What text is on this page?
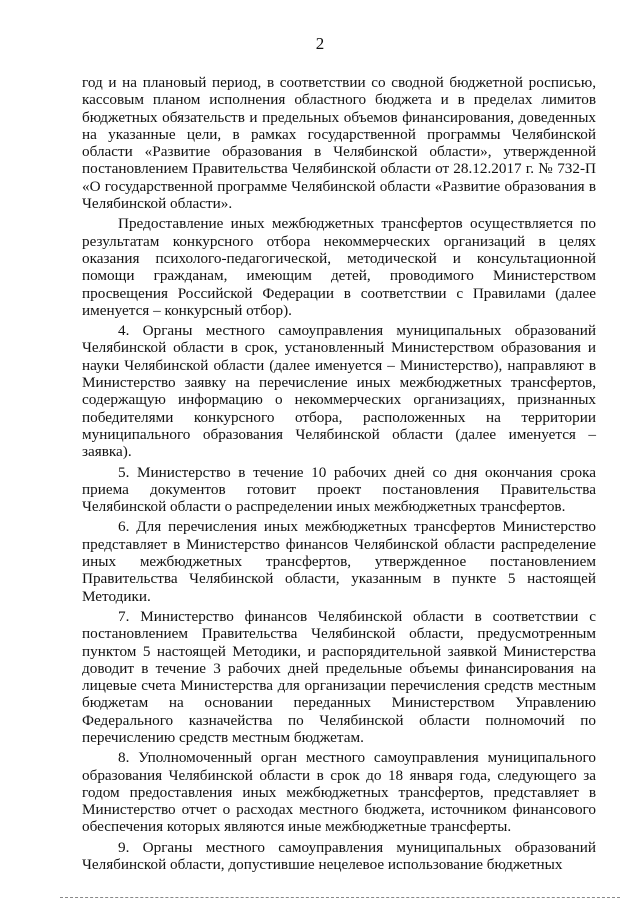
2

год и на плановый период, в соответствии со сводной бюджетной росписью, кассовым планом исполнения областного бюджета и в пределах лимитов бюджетных обязательств и предельных объемов финансирования, доведенных на указанные цели, в рамках государственной программы Челябинской области «Развитие образования в Челябинской области», утвержденной постановлением Правительства Челябинской области от 28.12.2017 г. № 732-П «О государственной программе Челябинской области «Развитие образования в Челябинской области».

Предоставление иных межбюджетных трансфертов осуществляется по результатам конкурсного отбора некоммерческих организаций в целях оказания психолого-педагогической, методической и консультационной помощи гражданам, имеющим детей, проводимого Министерством просвещения Российской Федерации в соответствии с Правилами (далее именуется – конкурсный отбор).

4. Органы местного самоуправления муниципальных образований Челябинской области в срок, установленный Министерством образования и науки Челябинской области (далее именуется – Министерство), направляют в Министерство заявку на перечисление иных межбюджетных трансфертов, содержащую информацию о некоммерческих организациях, признанных победителями конкурсного отбора, расположенных на территории муниципального образования Челябинской области (далее именуется – заявка).

5. Министерство в течение 10 рабочих дней со дня окончания срока приема документов готовит проект постановления Правительства Челябинской области о распределении иных межбюджетных трансфертов.

6. Для перечисления иных межбюджетных трансфертов Министерство представляет в Министерство финансов Челябинской области распределение иных межбюджетных трансфертов, утвержденное постановлением Правительства Челябинской области, указанным в пункте 5 настоящей Методики.

7. Министерство финансов Челябинской области в соответствии с постановлением Правительства Челябинской области, предусмотренным пунктом 5 настоящей Методики, и распорядительной заявкой Министерства доводит в течение 3 рабочих дней предельные объемы финансирования на лицевые счета Министерства для организации перечисления средств местным бюджетам на основании переданных Министерством Управлению Федерального казначейства по Челябинской области полномочий по перечислению средств местным бюджетам.

8. Уполномоченный орган местного самоуправления муниципального образования Челябинской области в срок до 18 января года, следующего за годом предоставления иных межбюджетных трансфертов, представляет в Министерство отчет о расходах местного бюджета, источником финансового обеспечения которых являются иные межбюджетные трансферты.

9. Органы местного самоуправления муниципальных образований Челябинской области, допустившие нецелевое использование бюджетных
